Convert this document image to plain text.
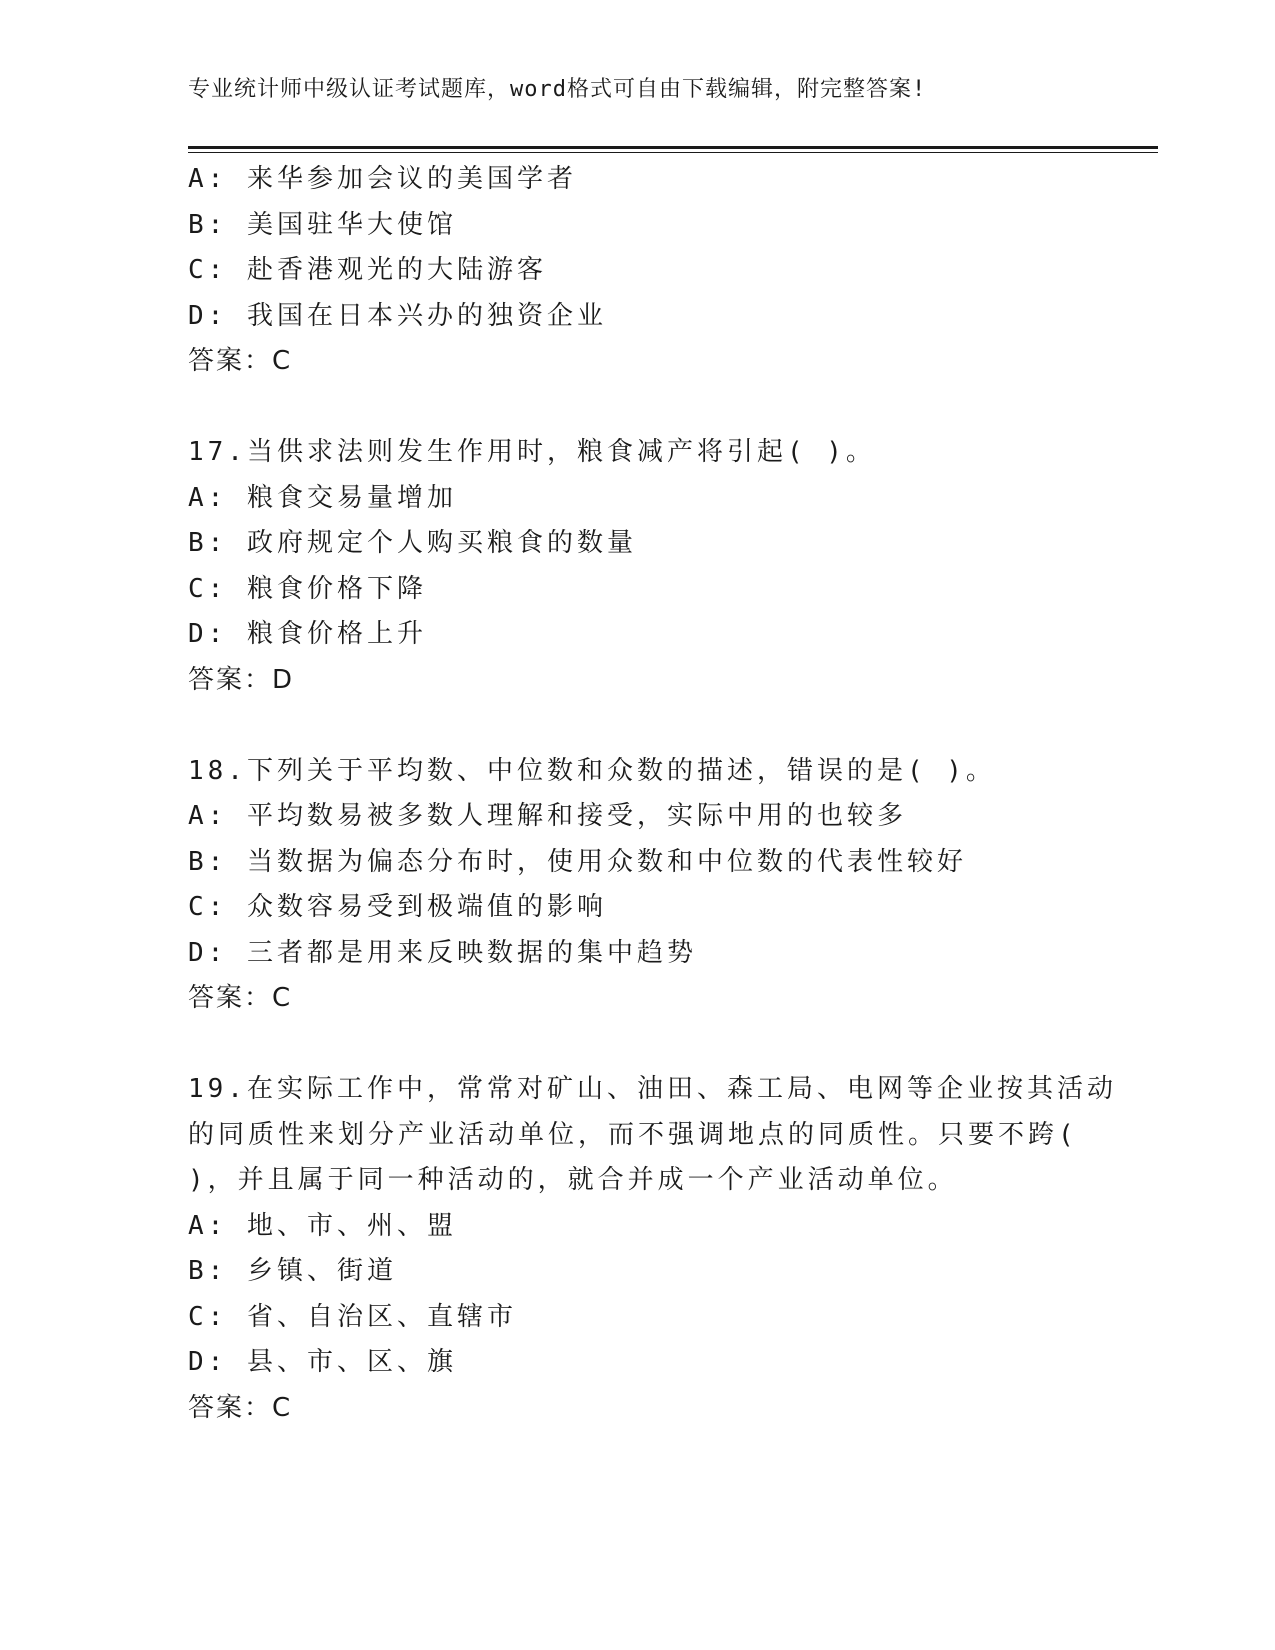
专业统计师中级认证考试题库，word格式可自由下载编辑，附完整答案!
A: 来华参加会议的美国学者
B: 美国驻华大使馆
C: 赴香港观光的大陆游客
D: 我国在日本兴办的独资企业
答案：C
17.当供求法则发生作用时，粮食减产将引起( )。
A: 粮食交易量增加
B: 政府规定个人购买粮食的数量
C: 粮食价格下降
D: 粮食价格上升
答案：D
18.下列关于平均数、中位数和众数的描述，错误的是( )。
A: 平均数易被多数人理解和接受，实际中用的也较多
B: 当数据为偏态分布时，使用众数和中位数的代表性较好
C: 众数容易受到极端值的影响
D: 三者都是用来反映数据的集中趋势
答案：C
19.在实际工作中，常常对矿山、油田、森工局、电网等企业按其活动
的同质性来划分产业活动单位，而不强调地点的同质性。只要不跨(
)，并且属于同一种活动的，就合并成一个产业活动单位。
A: 地、市、州、盟
B: 乡镇、街道
C: 省、自治区、直辖市
D: 县、市、区、旗
答案：C
